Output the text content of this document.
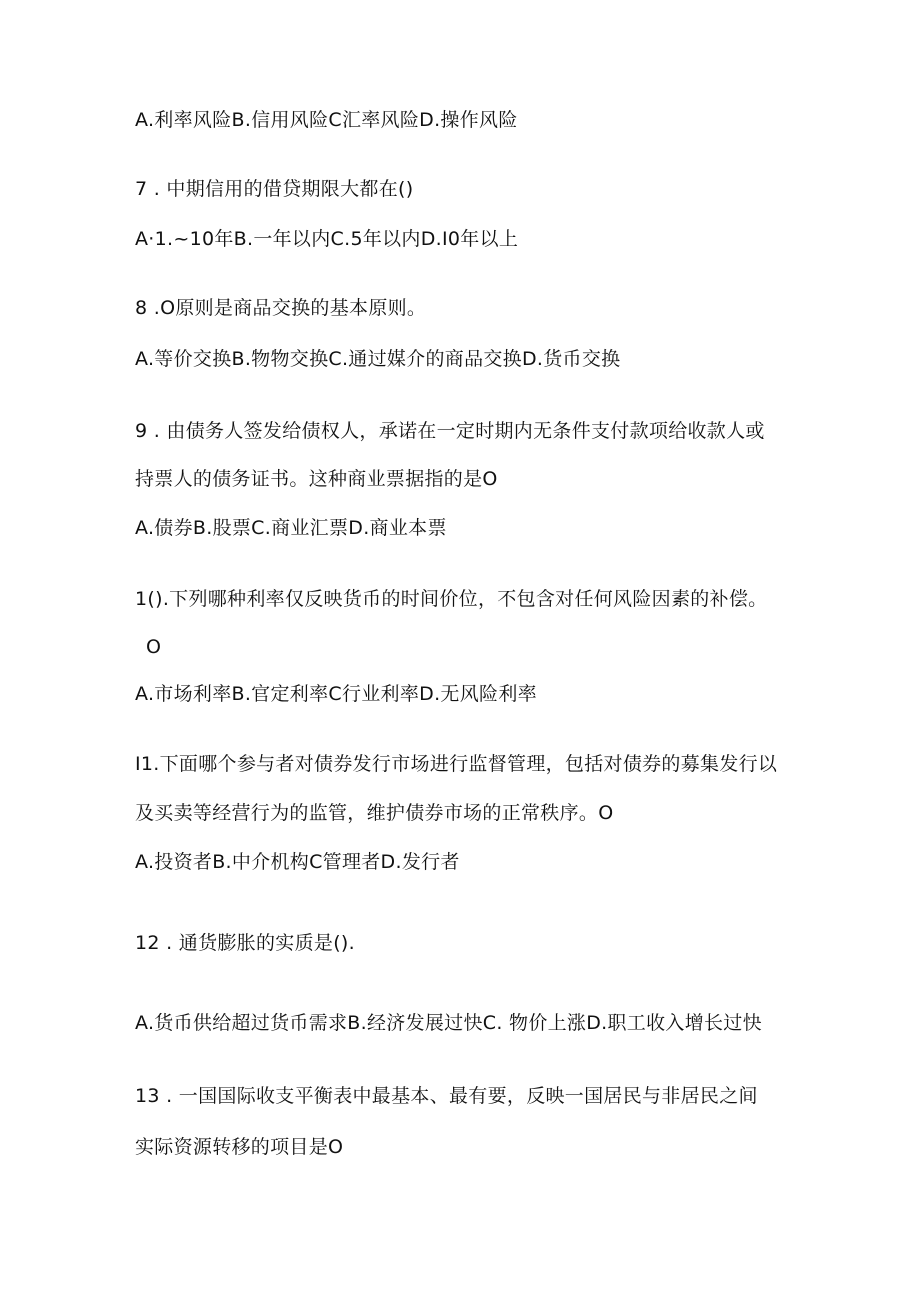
A.利率风险B.信用风险C汇率风险D.操作风险
7 . 中期信用的借贷期限大都在()
A·1.~10年B.一年以内C.5年以内D.I0年以上
8 .O原则是商品交换的基本原则。
A.等价交换B.物物交换C.通过媒介的商品交换D.货币交换
9 . 由债务人签发给债权人，承诺在一定时期内无条件支付款项给收款人或
持票人的债务证书。这种商业票据指的是O
A.债券B.股票C.商业汇票D.商业本票
1().下列哪种利率仅反映货币的时间价位，不包含对任何风险因素的补偿。
O
A.市场利率B.官定利率C行业利率D.无风险利率
I1.下面哪个参与者对债券发行市场进行监督管理，包括对债券的募集发行以
及买卖等经营行为的监管，维护债券市场的正常秩序。O
A.投资者B.中介机构C管理者D.发行者
12 . 通货膨胀的实质是().
A.货币供给超过货币需求B.经济发展过快C. 物价上涨D.职工收入增长过快
13 . 一国国际收支平衡表中最基本、最有要，反映一国居民与非居民之间
实际资源转移的项目是O
